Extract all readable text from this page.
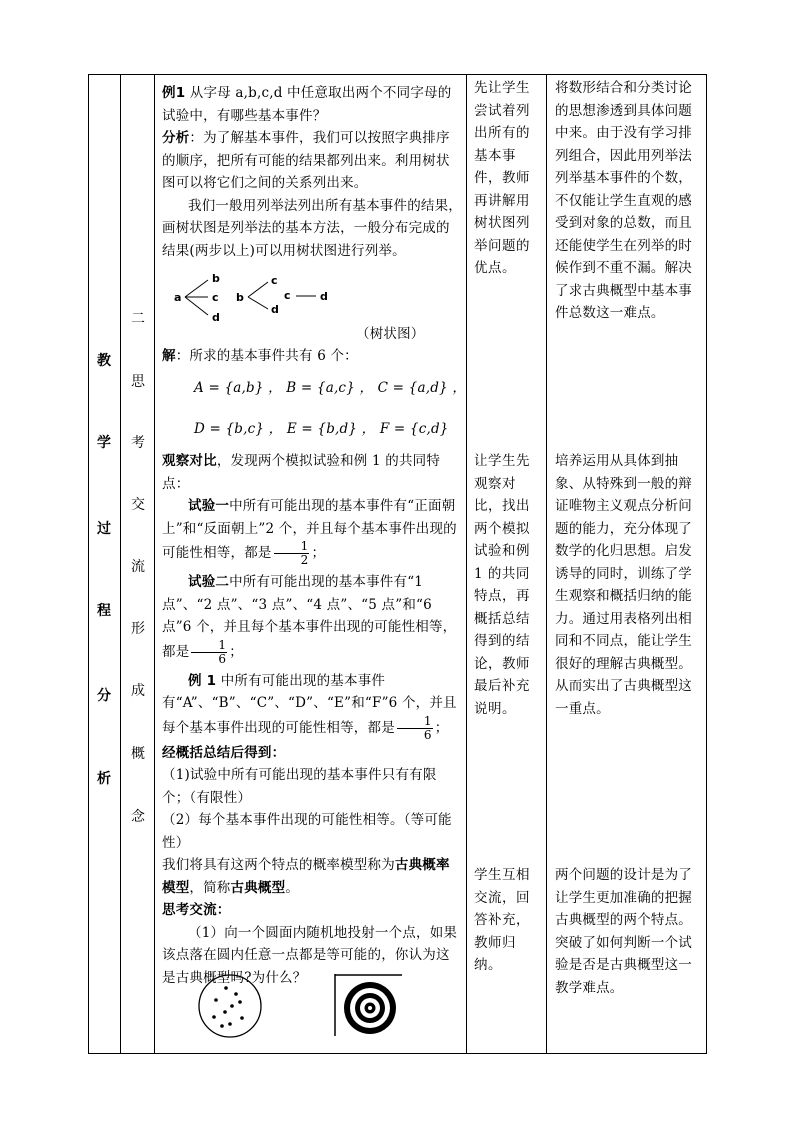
教
学
过
程
分
析
二
思
考
交
流
形
成
概
念

例1 从字母 a,b,c,d 中任意取出两个不同字母的试验中，有哪些基本事件？

分析：为了解基本事件，我们可以按照字典排序的顺序，把所有可能的结果都列出来。利用树状图可以将它们之间的关系列出来。

我们一般用列举法列出所有基本事件的结果，画树状图是列举法的基本方法，一般分布完成的结果(两步以上)可以用树状图进行列举。

a
b
c
d
b
c
d
c	d
（树状图）

解：所求的基本事件共有 6 个：

A = {a,b} ， B = {a,c} ， C = {a,d} ，
D = {b,c} ， E = {b,d} ， F = {c,d}

观察对比，发现两个模拟试验和例 1 的共同特点：

试验一中所有可能出现的基本事件有“正面朝上”和“反面朝上”2 个，并且每个基本事件出现的可能性相等，都是 $\frac{1}{2}$ ；

试验二中所有可能出现的基本事件有“1 点”、“2 点”、“3 点”、“4 点”、“5 点”和“6 点”6 个，并且每个基本事件出现的可能性相等，都是 $\frac{1}{6}$ ；

例 1 中所有可能出现的基本事件有“A”、“B”、“C”、“D”、“E”和“F”6 个，并且每个基本事件出现的可能性相等，都是 $\frac{1}{6}$ ；

经概括总结后得到：

（1)试验中所有可能出现的基本事件只有有限个；（有限性）

（2）每个基本事件出现的可能性相等。（等可能性）

我们将具有这两个特点的概率模型称为古典概率模型，简称古典概型。

思考交流：

（1）向一个圆面内随机地投射一个点，如果该点落在圆内任意一点都是等可能的，你认为这是古典概型吗?为什么？

先让学生尝试着列出所有的基本事件，教师再讲解用树状图列举问题的优点。
让学生先观察对比，找出两个模拟试验和例 1 的共同特点，再概括总结得到的结论，教师最后补充说明。
学生互相交流，回答补充，教师归纳。
将数形结合和分类讨论的思想渗透到具体问题中来。由于没有学习排列组合，因此用列举法列举基本事件的个数，不仅能让学生直观的感受到对象的总数，而且还能使学生在列举的时候作到不重不漏。解决了求古典概型中基本事件总数这一难点。
培养运用从具体到抽象、从特殊到一般的辩证唯物主义观点分析问题的能力，充分体现了数学的化归思想。启发诱导的同时，训练了学生观察和概括归纳的能力。通过用表格列出相同和不同点，能让学生很好的理解古典概型。从而实出了古典概型这一重点。
两个问题的设计是为了让学生更加准确的把握古典概型的两个特点。突破了如何判断一个试验是否是古典概型这一教学难点。
